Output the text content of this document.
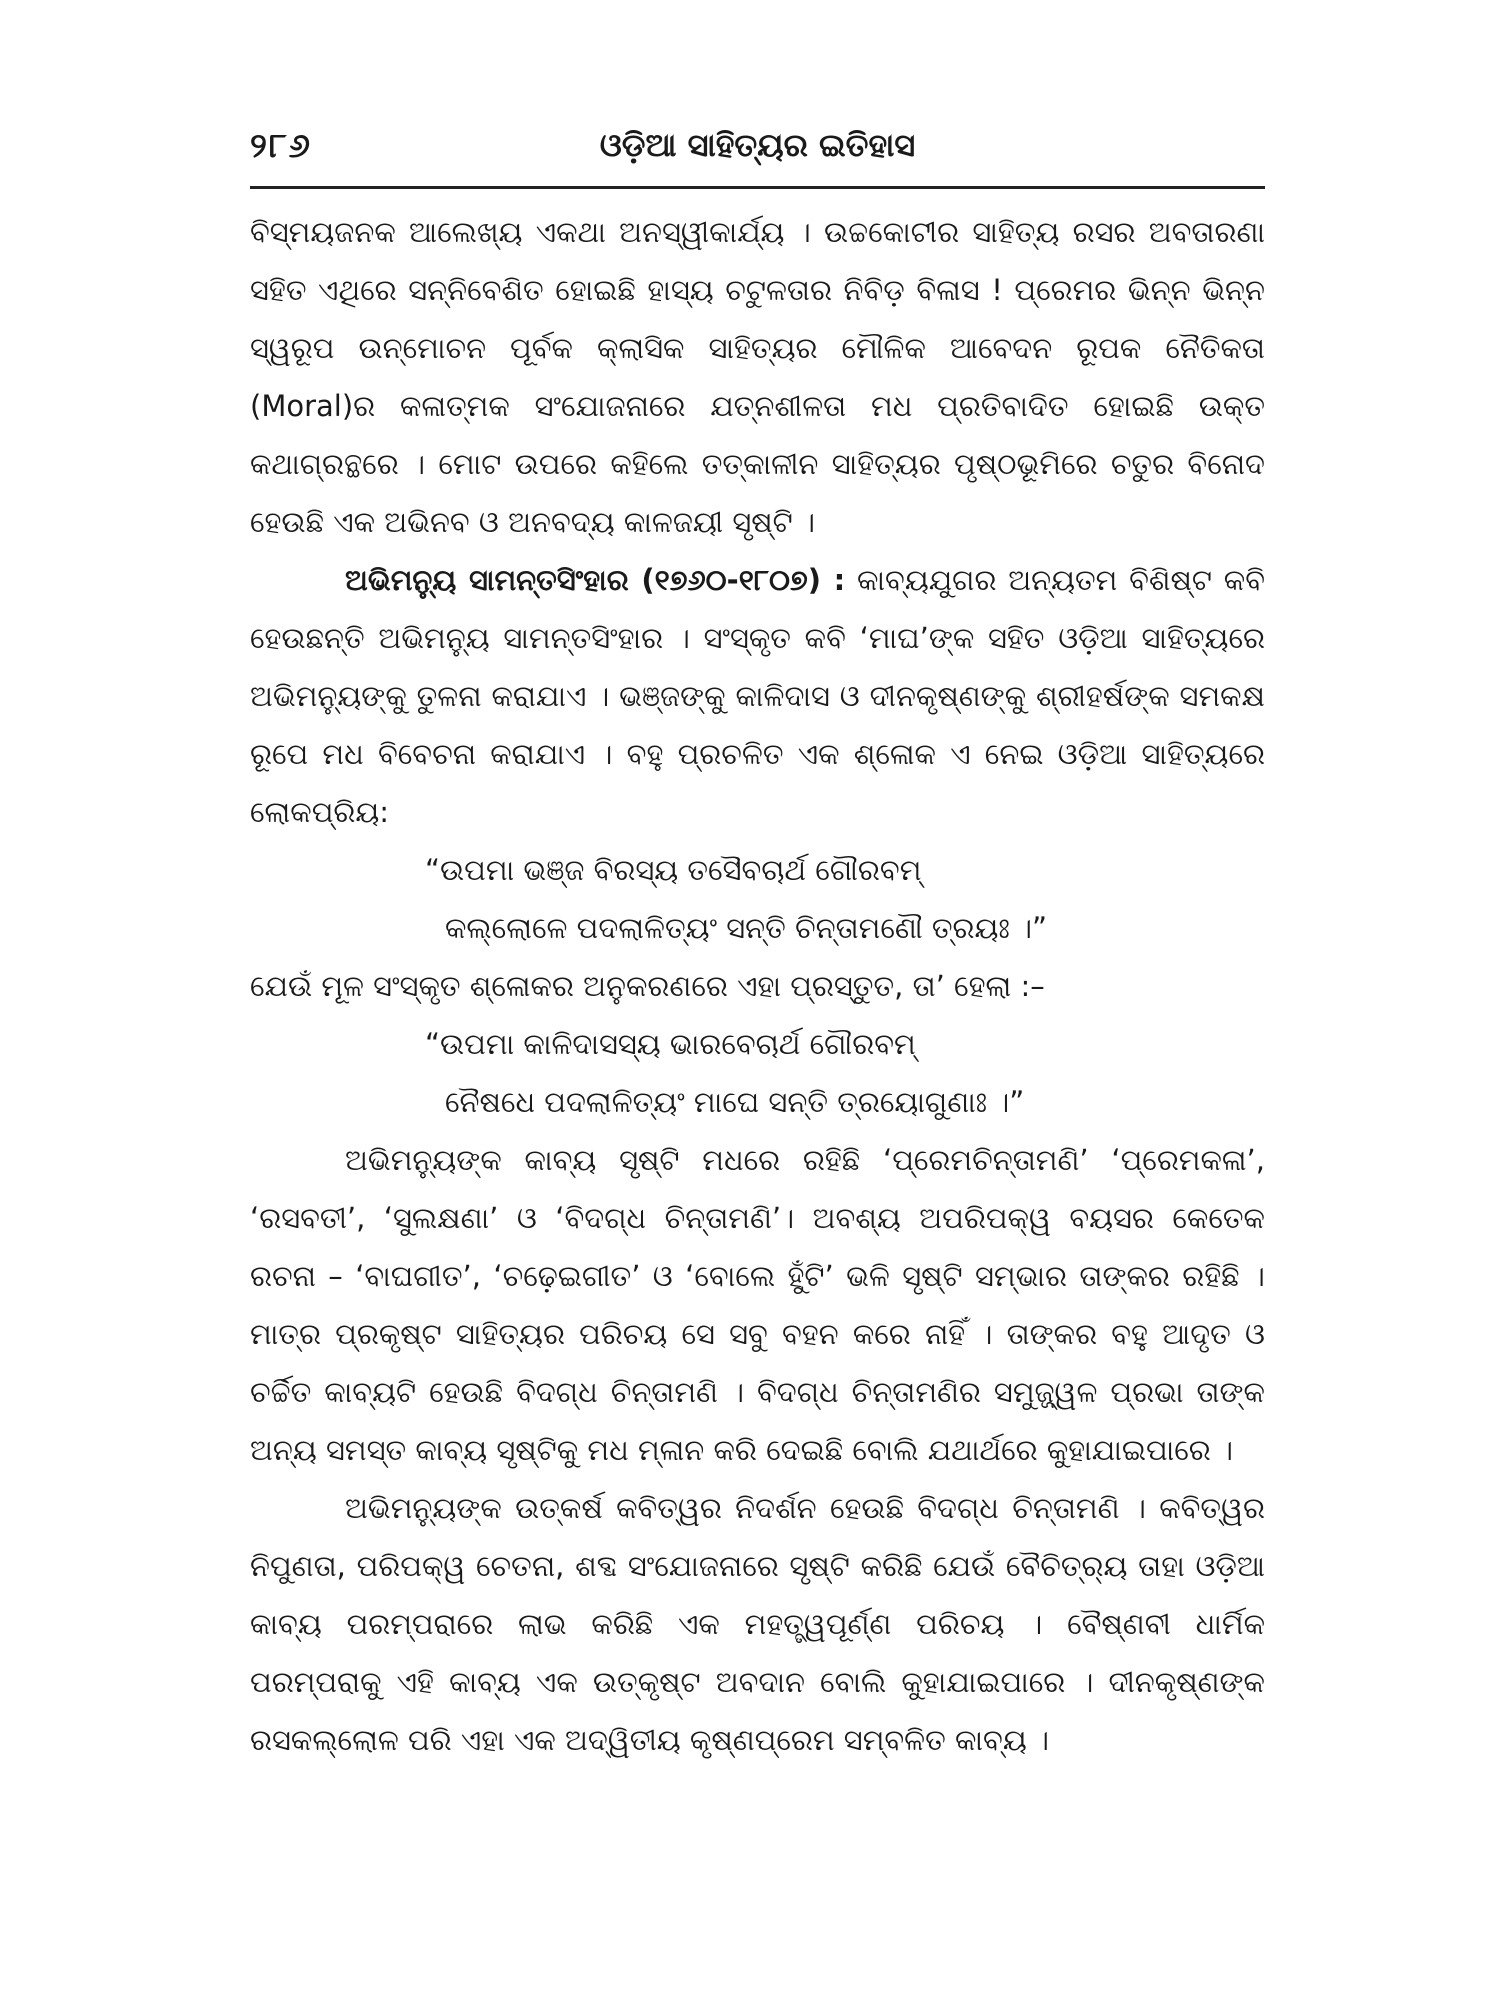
୨୮୬	ଓଡ଼ିଆ ସାହିତ୍ୟର ଇତିହାସ

ବିସ୍ମୟଜନକ ଆଲେଖ୍ୟ ଏକଥା ଅନସ୍ୱୀକାର୍ଯ୍ୟ । ଉଚ୍ଚକୋଟୀର ସାହିତ୍ୟ ରସର ଅବତାରଣା ସହିତ ଏଥିରେ ସନ୍ନିବେଶିତ ହୋଇଛି ହାସ୍ୟ ଚଟୁଳତାର ନିବିଡ଼ ବିଳାସ ! ପ୍ରେମର ଭିନ୍ନ ଭିନ୍ନ ସ୍ୱରୂପ ଉନ୍ମୋଚନ ପୂର୍ବକ କ୍ଲାସିକ ସାହିତ୍ୟର ମୌଳିକ ଆବେଦନ ରୂପକ ନୈତିକତା (Moral)ର କଳାତ୍ମକ ସଂଯୋଜନାରେ ଯତ୍ନଶୀଳତା ମଧ ପ୍ରତିବାଦିତ ହୋଇଛି ଉକ୍ତ କଥାଗ୍ରନ୍ଥରେ । ମୋଟ ଉପରେ କହିଲେ ତତ୍‌କାଳୀନ ସାହିତ୍ୟର ପୃଷ୍ଠଭୂମିରେ ଚତୁର ବିନୋଦ ହେଉଛି ଏକ ଅଭିନବ ଓ ଅନବଦ୍ୟ କାଳଜୟୀ ସୃଷ୍ଟି ।

ଅଭିମନ୍ୟୁ ସାମନ୍ତସିଂହାର (୧୭୬୦-୧୮୦୭) : କାବ୍ୟଯୁଗର ଅନ୍ୟତମ ବିଶିଷ୍ଟ କବି ହେଉଛନ୍ତି ଅଭିମନ୍ୟୁ ସାମନ୍ତସିଂହାର । ସଂସ୍କୃତ କବି ‘ମାଘ’ଙ୍କ ସହିତ ଓଡ଼ିଆ ସାହିତ୍ୟରେ ଅଭିମନ୍ୟୁଙ୍କୁ ତୁଳନା କରାଯାଏ । ଭଞ୍ଜଙ୍କୁ କାଳିଦାସ ଓ ଦୀନକୃଷ୍ଣଙ୍କୁ ଶ୍ରୀହର୍ଷଙ୍କ ସମକକ୍ଷ ରୂପେ ମଧ ବିବେଚନା କରାଯାଏ । ବହୁ ପ୍ରଚଳିତ ଏକ ଶ୍ଳୋକ ଏ ନେଇ ଓଡ଼ିଆ ସାହିତ୍ୟରେ ଲୋକପ୍ରିୟ:

“ଉପମା ଭଞ୍ଜ ବିରସ୍ୟ ତସୈବଚାର୍ଥ ଗୌରବମ୍
କଲ୍ଲୋଳେ ପଦଲାଳିତ୍ୟଂ ସନ୍ତି ଚିନ୍ତାମଣୌ ତ୍ରୟଃ ।”

ଯେଉଁ ମୂଳ ସଂସ୍କୃତ ଶ୍ଳୋକର ଅନୁକରଣରେ ଏହା ପ୍ରସ୍ତୁତ, ତା’ ହେଲା :–

“ଉପମା କାଳିଦାସସ୍ୟ ଭାରବେଚାର୍ଥ ଗୌରବମ୍
ନୈଷଧେ ପଦଲାଳିତ୍ୟଂ ମାଘେ ସନ୍ତି ତ୍ରୟୋଗୁଣାଃ ।”

ଅଭିମନ୍ୟୁଙ୍କ କାବ୍ୟ ସୃଷ୍ଟି ମଧରେ ରହିଛି ‘ପ୍ରେମଚିନ୍ତାମଣି’ ‘ପ୍ରେମକଳା’, ‘ରସବତୀ’, ‘ସୁଲକ୍ଷଣା’ ଓ ‘ବିଦଗ୍ଧ ଚିନ୍ତାମଣି’। ଅବଶ୍ୟ ଅପରିପକ୍ୱ ବୟସର କେତେକ ରଚନା – ‘ବାଘଗୀତ’, ‘ଚଢ଼େଇଗୀତ’ ଓ ‘ବୋଲେ ହୁଁଟି’ ଭଳି ସୃଷ୍ଟି ସମ୍ଭାର ତାଙ୍କର ରହିଛି । ମାତ୍ର ପ୍ରକୃଷ୍ଟ ସାହିତ୍ୟର ପରିଚୟ ସେ ସବୁ ବହନ କରେ ନାହିଁ । ତାଙ୍କର ବହୁ ଆଦୃତ ଓ ଚର୍ଚ୍ଚିତ କାବ୍ୟଟି ହେଉଛି ବିଦଗ୍ଧ ଚିନ୍ତାମଣି । ବିଦଗ୍ଧ ଚିନ୍ତାମଣିର ସମୁଜ୍ଜ୍ୱଳ ପ୍ରଭା ତାଙ୍କ ଅନ୍ୟ ସମସ୍ତ କାବ୍ୟ ସୃଷ୍ଟିକୁ ମଧ ମ୍ଳାନ କରି ଦେଇଛି ବୋଲି ଯଥାର୍ଥରେ କୁହାଯାଇପାରେ ।

ଅଭିମନ୍ୟୁଙ୍କ ଉତ୍କର୍ଷ କବିତ୍ୱର ନିଦର୍ଶନ ହେଉଛି ବିଦଗ୍ଧ ଚିନ୍ତାମଣି । କବିତ୍ୱର ନିପୁଣତା, ପରିପକ୍ୱ ଚେତନା, ଶବ୍ଦ ସଂଯୋଜନାରେ ସୃଷ୍ଟି କରିଛି ଯେଉଁ ବୈଚିତ୍ର୍ୟ ତାହା ଓଡ଼ିଆ କାବ୍ୟ ପରମ୍ପରାରେ ଲାଭ କରିଛି ଏକ ମହତ୍ତ୍ୱପୂର୍ଣ୍ଣ ପରିଚୟ । ବୈଷ୍ଣବୀ ଧାର୍ମିକ ପରମ୍ପରାକୁ ଏହି କାବ୍ୟ ଏକ ଉତ୍କୃଷ୍ଟ ଅବଦାନ ବୋଲି କୁହାଯାଇପାରେ । ଦୀନକୃଷ୍ଣଙ୍କ ରସକଲ୍ଲୋଳ ପରି ଏହା ଏକ ଅଦ୍ୱିତୀୟ କୃଷ୍ଣପ୍ରେମ ସମ୍ବଳିତ କାବ୍ୟ ।
